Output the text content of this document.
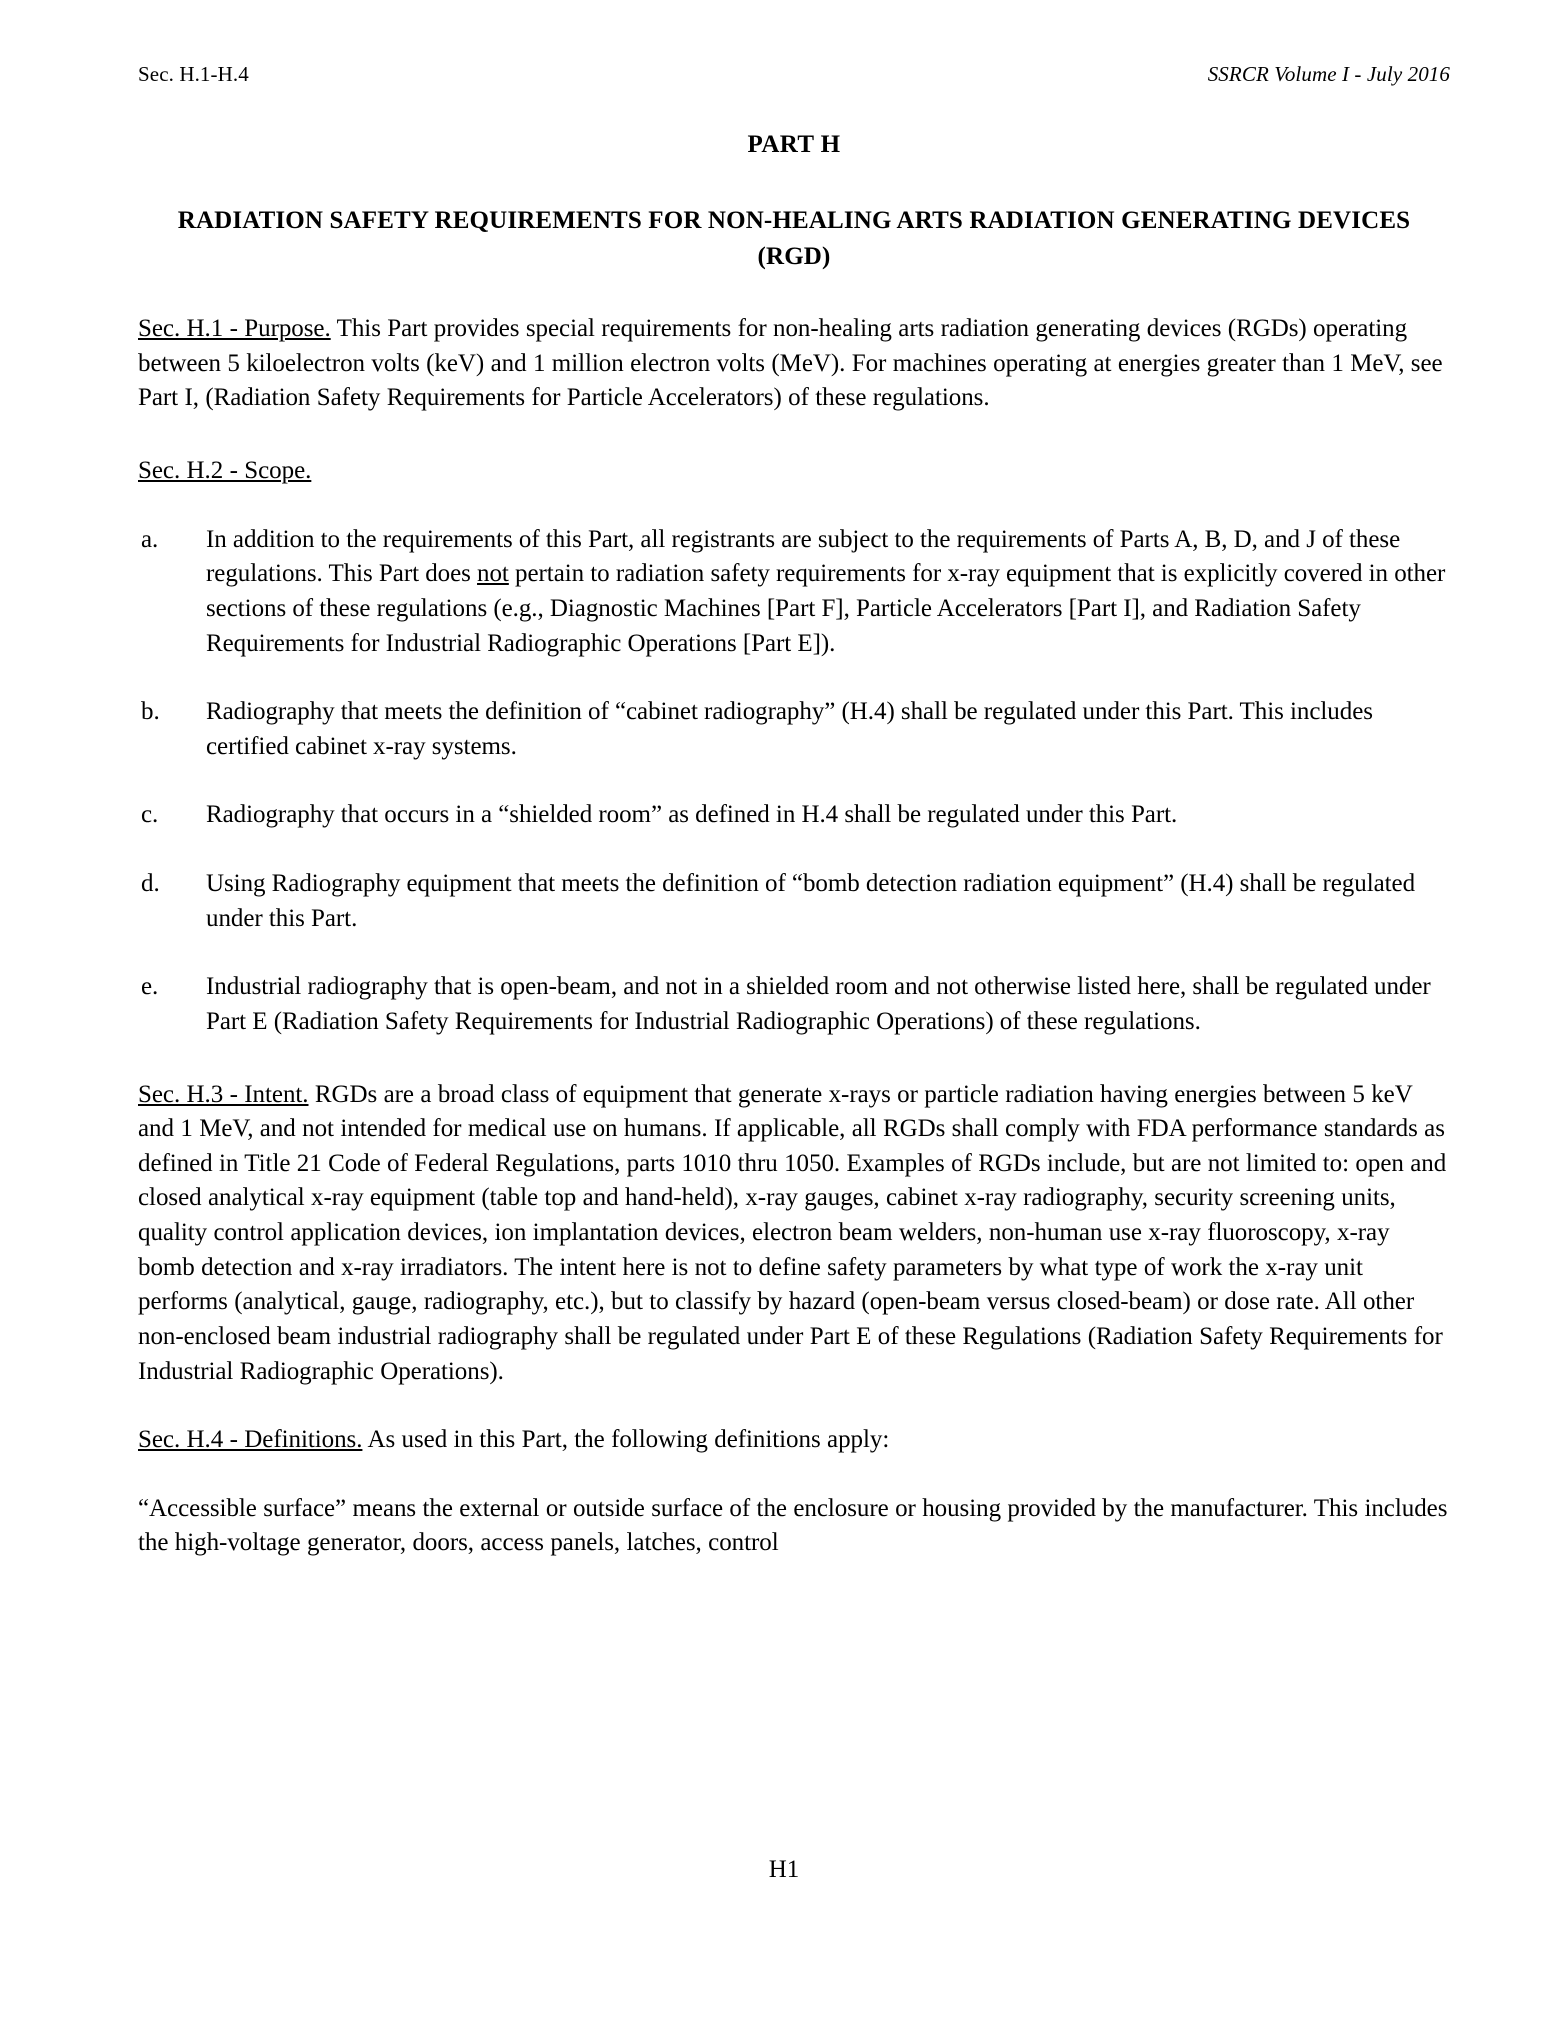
Sec. H.1-H.4	SSRCR Volume I - July 2016
PART H
RADIATION SAFETY REQUIREMENTS FOR NON-HEALING ARTS RADIATION GENERATING DEVICES (RGD)
Sec. H.1 - Purpose. This Part provides special requirements for non-healing arts radiation generating devices (RGDs) operating between 5 kiloelectron volts (keV) and 1 million electron volts (MeV). For machines operating at energies greater than 1 MeV, see Part I, (Radiation Safety Requirements for Particle Accelerators) of these regulations.
Sec. H.2 - Scope.
a.	In addition to the requirements of this Part, all registrants are subject to the requirements of Parts A, B, D, and J of these regulations. This Part does not pertain to radiation safety requirements for x-ray equipment that is explicitly covered in other sections of these regulations (e.g., Diagnostic Machines [Part F], Particle Accelerators [Part I], and Radiation Safety Requirements for Industrial Radiographic Operations [Part E]).
b.	Radiography that meets the definition of “cabinet radiography” (H.4) shall be regulated under this Part. This includes certified cabinet x-ray systems.
c.	Radiography that occurs in a “shielded room” as defined in H.4 shall be regulated under this Part.
d.	Using Radiography equipment that meets the definition of “bomb detection radiation equipment” (H.4) shall be regulated under this Part.
e.	Industrial radiography that is open-beam, and not in a shielded room and not otherwise listed here, shall be regulated under Part E (Radiation Safety Requirements for Industrial Radiographic Operations) of these regulations.
Sec. H.3 - Intent. RGDs are a broad class of equipment that generate x-rays or particle radiation having energies between 5 keV and 1 MeV, and not intended for medical use on humans. If applicable, all RGDs shall comply with FDA performance standards as defined in Title 21 Code of Federal Regulations, parts 1010 thru 1050. Examples of RGDs include, but are not limited to: open and closed analytical x-ray equipment (table top and hand-held), x-ray gauges, cabinet x-ray radiography, security screening units, quality control application devices, ion implantation devices, electron beam welders, non-human use x-ray fluoroscopy, x-ray bomb detection and x-ray irradiators. The intent here is not to define safety parameters by what type of work the x-ray unit performs (analytical, gauge, radiography, etc.), but to classify by hazard (open-beam versus closed-beam) or dose rate. All other non-enclosed beam industrial radiography shall be regulated under Part E of these Regulations (Radiation Safety Requirements for Industrial Radiographic Operations).
Sec. H.4 - Definitions. As used in this Part, the following definitions apply:
“Accessible surface” means the external or outside surface of the enclosure or housing provided by the manufacturer. This includes the high-voltage generator, doors, access panels, latches, control
H1
